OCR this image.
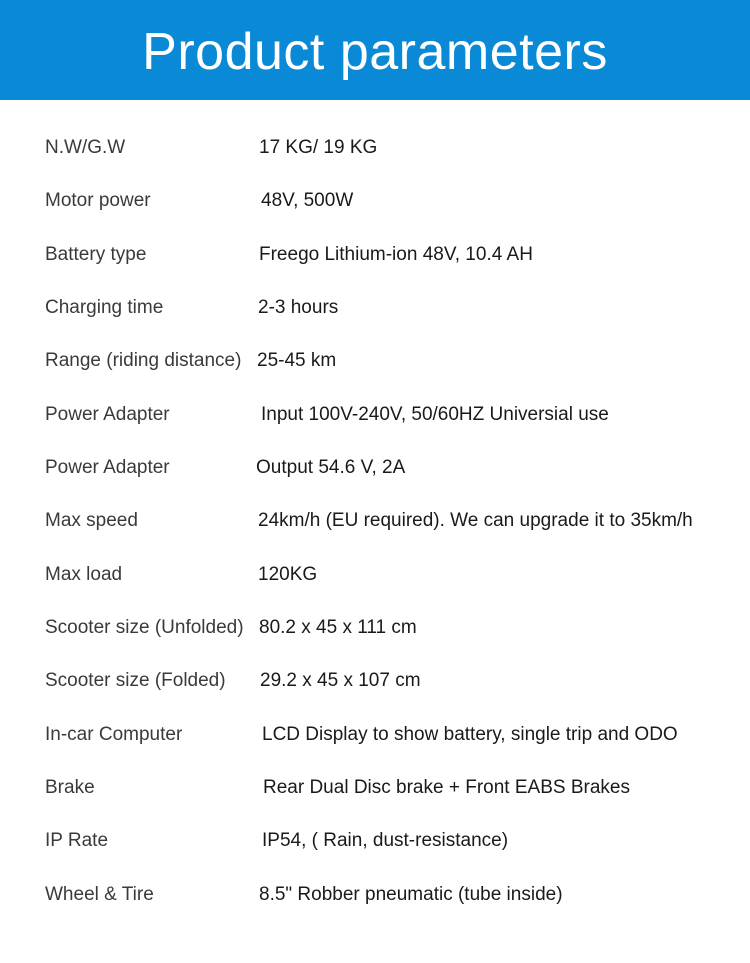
Product parameters
N.W/G.W	17 KG/ 19 KG
Motor power	48V, 500W
Battery type	Freego Lithium-ion 48V, 10.4 AH
Charging time	2-3 hours
Range (riding distance) 25-45 km
Power Adapter	Input 100V-240V, 50/60HZ Universial use
Power Adapter	Output 54.6 V, 2A
Max speed	24km/h (EU required). We can upgrade it to 35km/h
Max load	120KG
Scooter size (Unfolded) 80.2 x 45 x 111 cm
Scooter size (Folded) 29.2 x 45 x 107 cm
In-car Computer	LCD Display to show battery, single trip and ODO
Brake	Rear Dual Disc brake + Front EABS Brakes
IP Rate	IP54, ( Rain, dust-resistance)
Wheel & Tire	8.5" Robber pneumatic (tube inside)
